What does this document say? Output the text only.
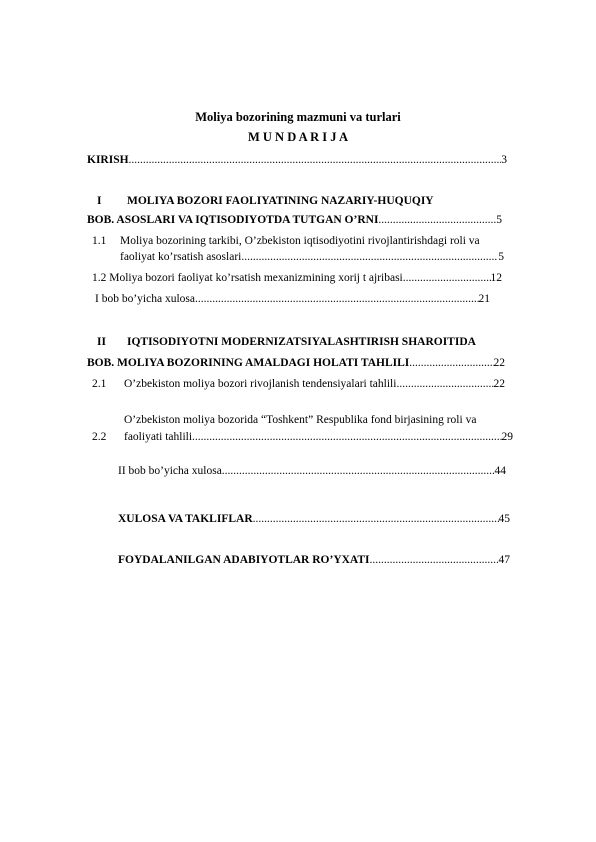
Moliya bozorining mazmuni va turlari
M U N D A R I J A
KIRISH .....	3
I MOLIYA BOZORI FAOLIYATINING NAZARIY-HUQUQIY
BOB. ASOSLARI VA IQTISODIYOTDA TUTGAN O’RNI .....	5
1.1 Moliya bozorining tarkibi, O’zbekiston iqtisodiyotini rivojlantirishdagi roli va
faoliyat ko’rsatish asoslari .....	5
1.2 Moliya bozori faoliyat ko’rsatish mexanizmining xorij t ajribasi .....	12
I bob bo’yicha xulosa .....	21
II IQTISODIYOTNI MODERNIZATSIYALASHTIRISH SHAROITIDA
BOB. MOLIYA BOZORINING AMALDAGI HOLATI TAHLILI .....	22
2.1 O’zbekiston moliya bozori rivojlanish tendensiyalari tahlili .....	22
O’zbekiston moliya bozorida “Toshkent” Respublika fond birjasining roli va
2.2 faoliyati tahlili .....	29
II bob bo’yicha xulosa .....	44
XULOSA VA TAKLIFLAR .....	45
FOYDALANILGAN ADABIYOTLAR RO’YXATI .....	47
